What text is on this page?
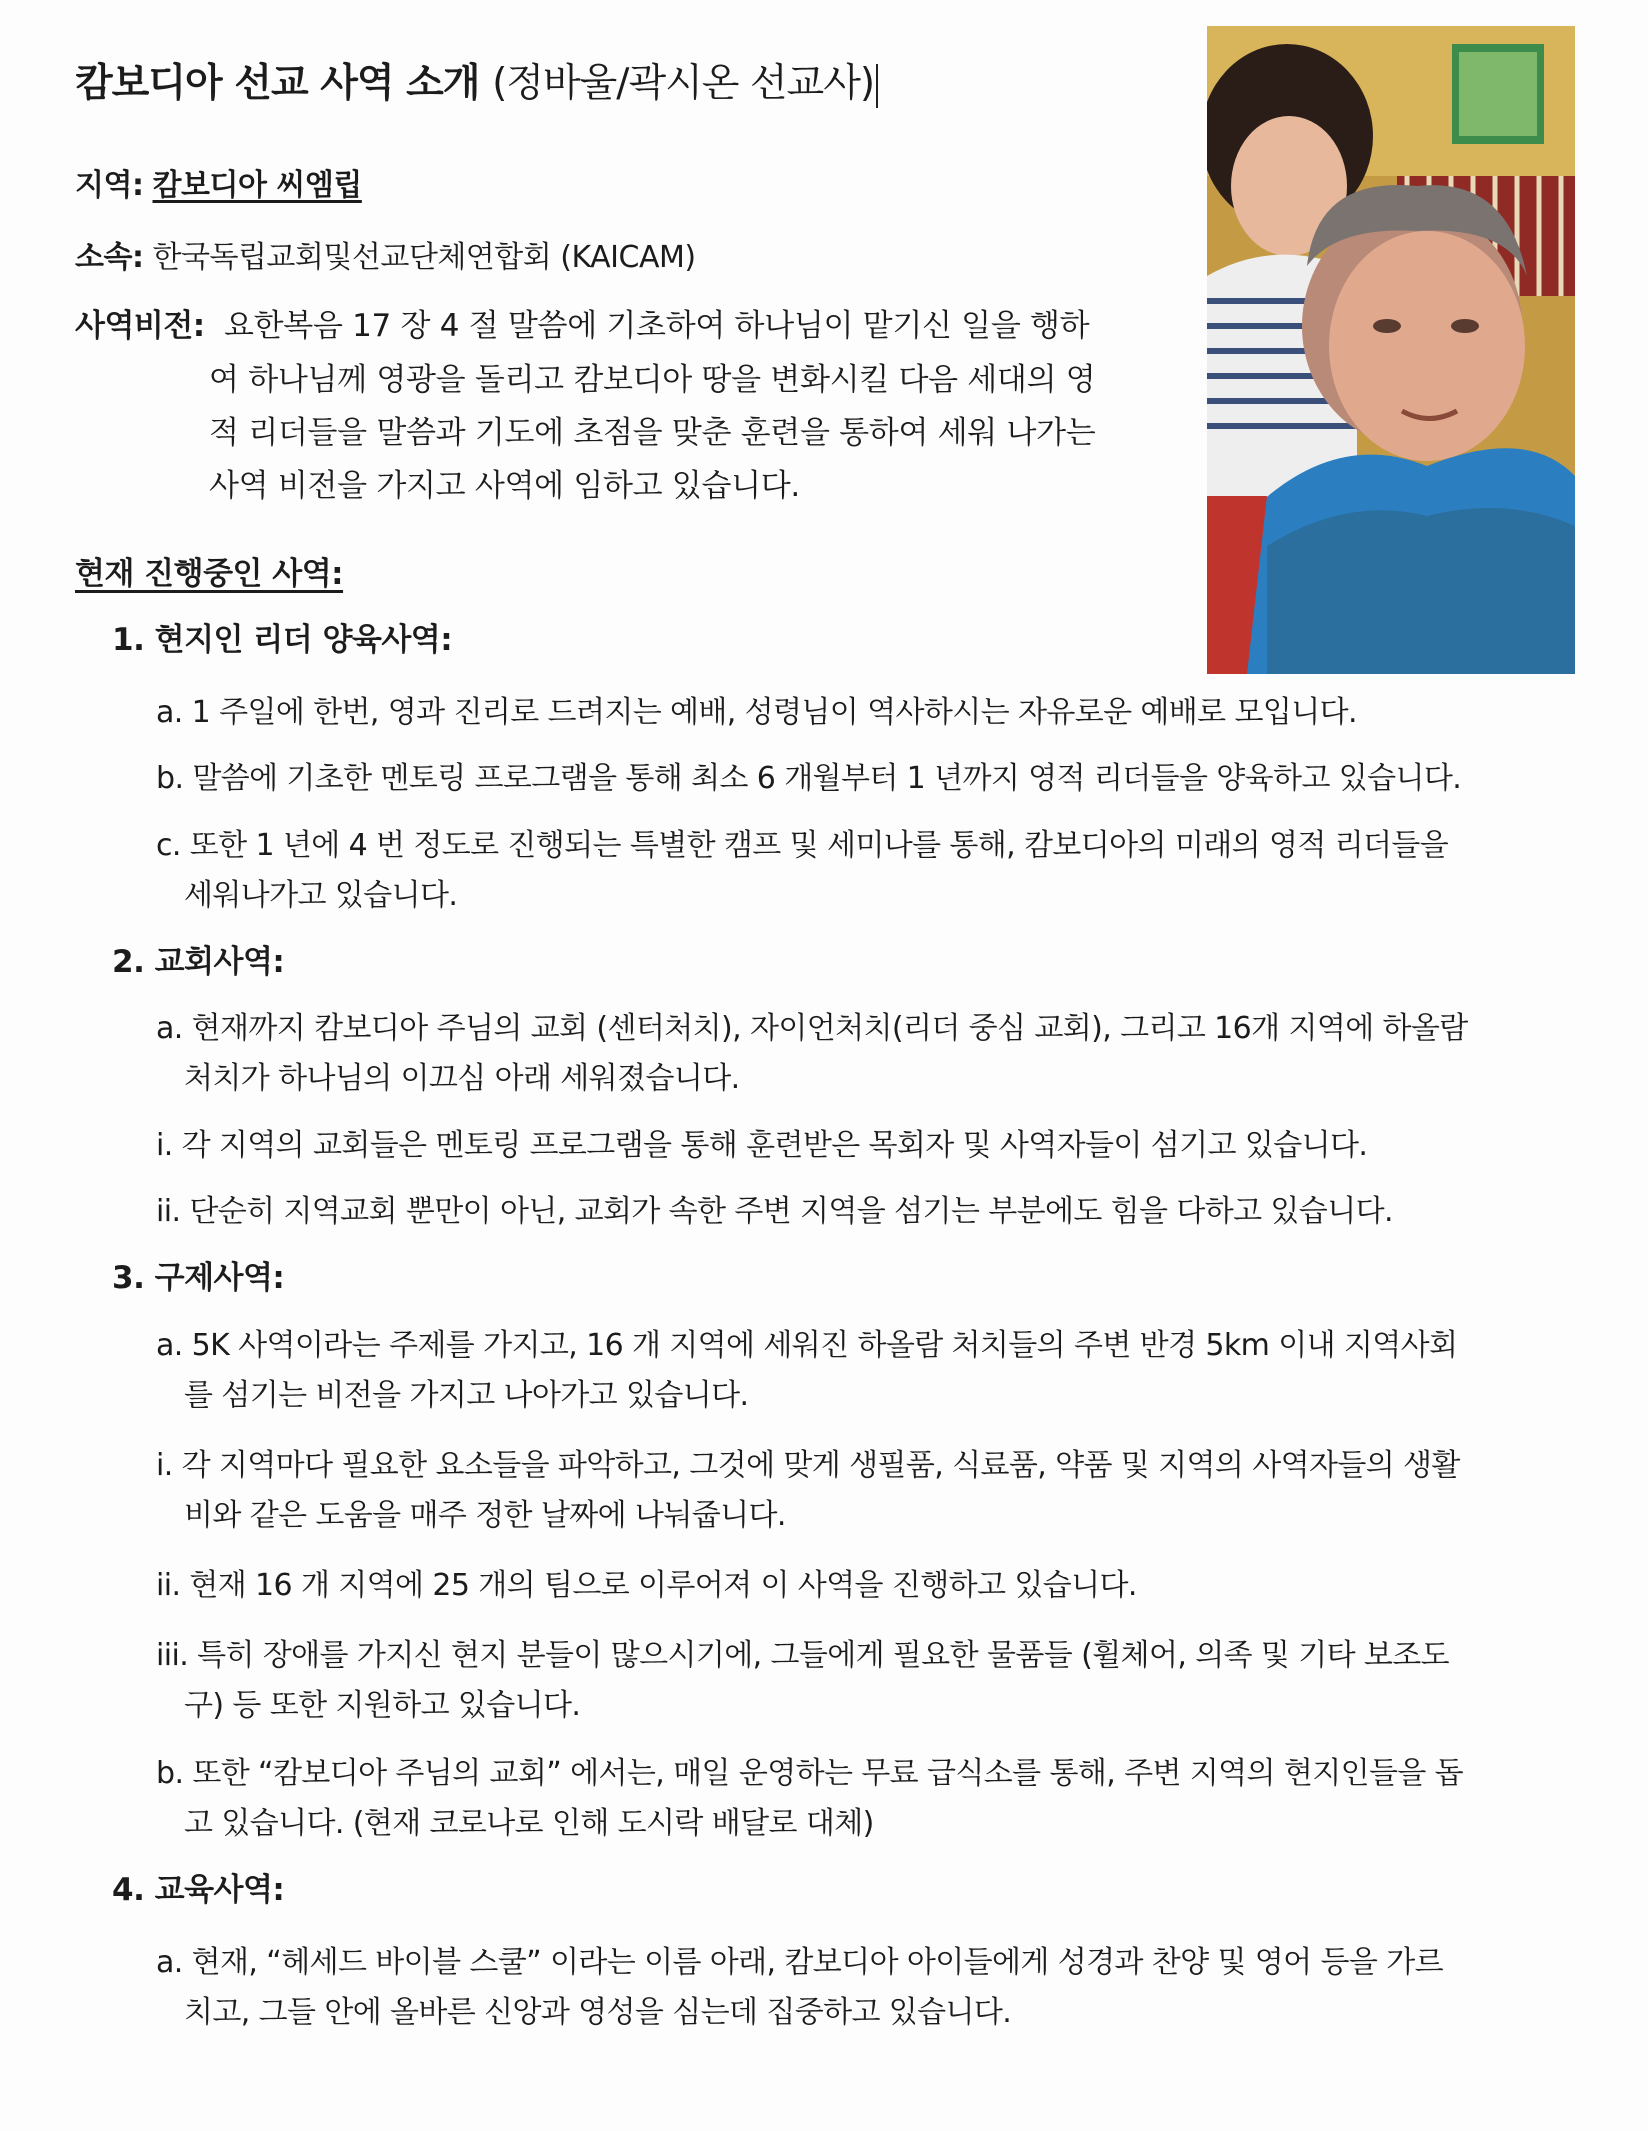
캄보디아 선교 사역 소개 (정바울/곽시온 선교사)
지역: 캄보디아 씨엠립
소속: 한국독립교회및선교단체연합회 (KAICAM)
사역비전: 요한복음 17 장 4 절 말씀에 기초하여 하나님이 맡기신 일을 행하
여 하나님께 영광을 돌리고 캄보디아 땅을 변화시킬 다음 세대의 영
적 리더들을 말씀과 기도에 초점을 맞춘 훈련을 통하여 세워 나가는
사역 비전을 가지고 사역에 임하고 있습니다.
현재 진행중인 사역:
1. 현지인 리더 양육사역:
a. 1 주일에 한번, 영과 진리로 드려지는 예배, 성령님이 역사하시는 자유로운 예배로 모입니다.
b. 말씀에 기초한 멘토링 프로그램을 통해 최소 6 개월부터 1 년까지 영적 리더들을 양육하고 있습니다.
c. 또한 1 년에 4 번 정도로 진행되는 특별한 캠프 및 세미나를 통해, 캄보디아의 미래의 영적 리더들을
세워나가고 있습니다.
2. 교회사역:
a. 현재까지 캄보디아 주님의 교회 (센터처치), 자이언처치(리더 중심 교회), 그리고 16개 지역에 하올람
처치가 하나님의 이끄심 아래 세워졌습니다.
i. 각 지역의 교회들은 멘토링 프로그램을 통해 훈련받은 목회자 및 사역자들이 섬기고 있습니다.
ii. 단순히 지역교회 뿐만이 아닌, 교회가 속한 주변 지역을 섬기는 부분에도 힘을 다하고 있습니다.
3. 구제사역:
a. 5K 사역이라는 주제를 가지고, 16 개 지역에 세워진 하올람 처치들의 주변 반경 5km 이내 지역사회
를 섬기는 비전을 가지고 나아가고 있습니다.
i. 각 지역마다 필요한 요소들을 파악하고, 그것에 맞게 생필품, 식료품, 약품 및 지역의 사역자들의 생활
비와 같은 도움을 매주 정한 날짜에 나눠줍니다.
ii. 현재 16 개 지역에 25 개의 팀으로 이루어져 이 사역을 진행하고 있습니다.
iii. 특히 장애를 가지신 현지 분들이 많으시기에, 그들에게 필요한 물품들 (휠체어, 의족 및 기타 보조도
구) 등 또한 지원하고 있습니다.
b. 또한 “캄보디아 주님의 교회” 에서는, 매일 운영하는 무료 급식소를 통해, 주변 지역의 현지인들을 돕
고 있습니다. (현재 코로나로 인해 도시락 배달로 대체)
4. 교육사역:
a. 현재, “헤세드 바이블 스쿨” 이라는 이름 아래, 캄보디아 아이들에게 성경과 찬양 및 영어 등을 가르
치고, 그들 안에 올바른 신앙과 영성을 심는데 집중하고 있습니다.
